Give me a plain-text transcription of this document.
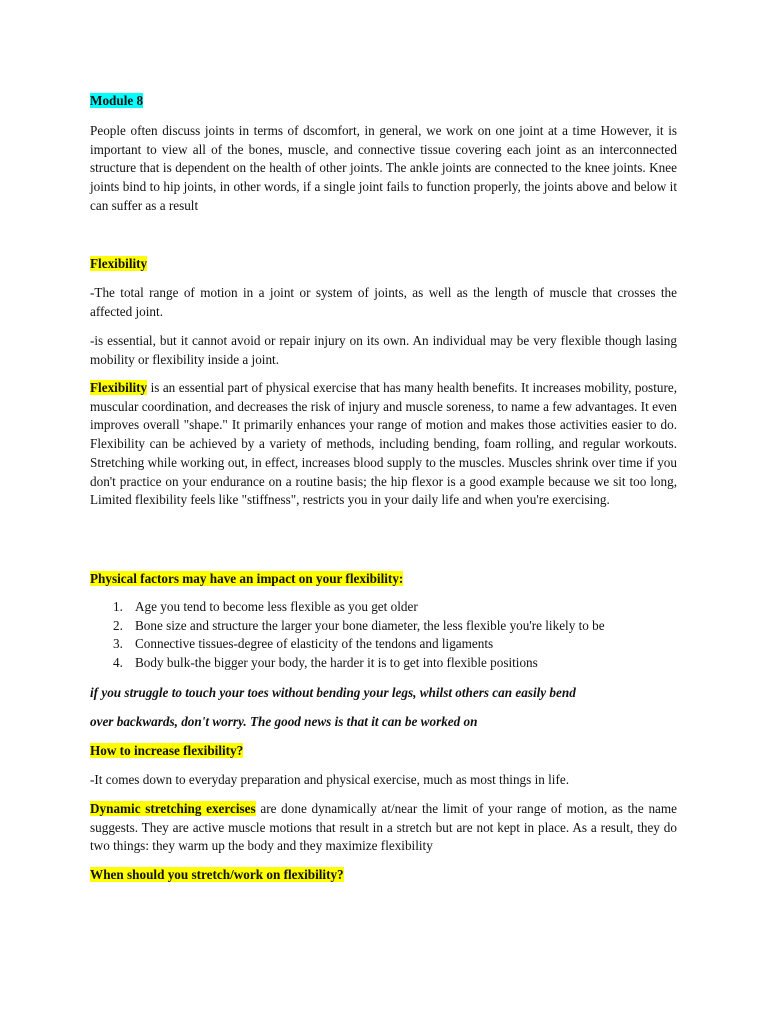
Module 8

People often discuss joints in terms of dscomfort, in general, we work on one joint at a time However, it is important to view all of the bones, muscle, and connective tissue covering each joint as an interconnected structure that is dependent on the health of other joints. The ankle joints are connected to the knee joints. Knee joints bind to hip joints, in other words, if a single joint fails to function properly, the joints above and below it can suffer as a result

Flexibility

-The total range of motion in a joint or system of joints, as well as the length of muscle that crosses the affected joint.

-is essential, but it cannot avoid or repair injury on its own. An individual may be very flexible though lasing mobility or flexibility inside a joint.

Flexibility is an essential part of physical exercise that has many health benefits. It increases mobility, posture, muscular coordination, and decreases the risk of injury and muscle soreness, to name a few advantages. It even improves overall "shape." It primarily enhances your range of motion and makes those activities easier to do. Flexibility can be achieved by a variety of methods, including bending, foam rolling, and regular workouts. Stretching while working out, in effect, increases blood supply to the muscles. Muscles shrink over time if you don't practice on your endurance on a routine basis; the hip flexor is a good example because we sit too long, Limited flexibility feels like "stiffness", restricts you in your daily life and when you're exercising.

Physical factors may have an impact on your flexibility:

1. Age you tend to become less flexible as you get older
2. Bone size and structure the larger your bone diameter, the less flexible you're likely to be
3. Connective tissues-degree of elasticity of the tendons and ligaments
4. Body bulk-the bigger your body, the harder it is to get into flexible positions

if you struggle to touch your toes without bending your legs, whilst others can easily bend

over backwards, don't worry. The good news is that it can be worked on

How to increase flexibility?

-It comes down to everyday preparation and physical exercise, much as most things in life.

Dynamic stretching exercises are done dynamically at/near the limit of your range of motion, as the name suggests. They are active muscle motions that result in a stretch but are not kept in place. As a result, they do two things: they warm up the body and they maximize flexibility

When should you stretch/work on flexibility?
